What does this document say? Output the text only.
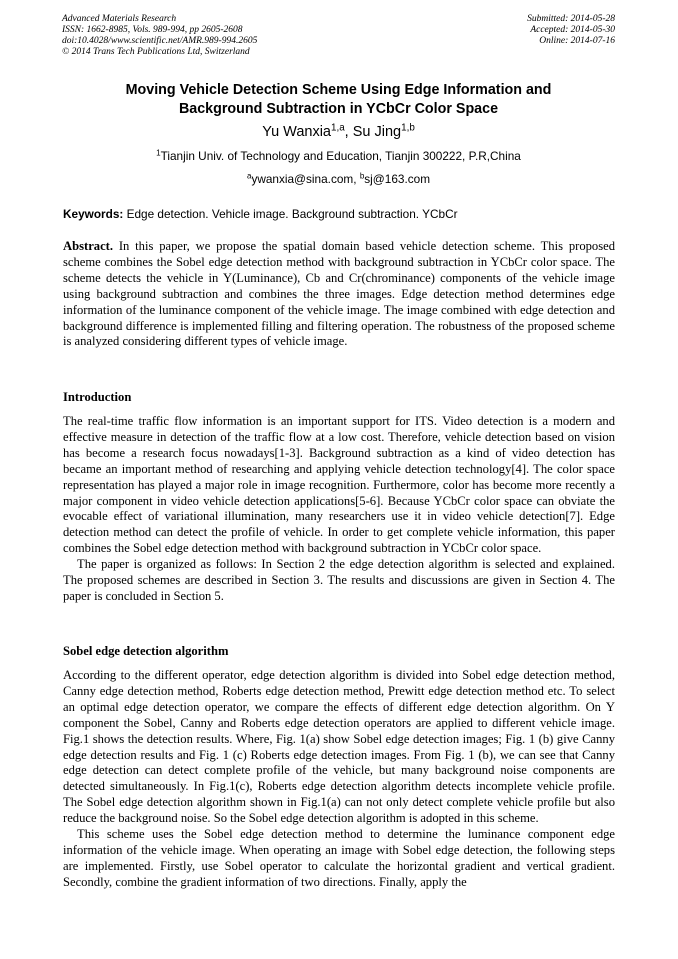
Advanced Materials Research
ISSN: 1662-8985, Vols. 989-994, pp 2605-2608
doi:10.4028/www.scientific.net/AMR.989-994.2605
© 2014 Trans Tech Publications Ltd, Switzerland
Submitted: 2014-05-28
Accepted: 2014-05-30
Online: 2014-07-16
Moving Vehicle Detection Scheme Using Edge Information and
Background Subtraction in YCbCr Color Space
Yu Wanxia$^{1,a}$, Su Jing$^{1,b}$
$^1$Tianjin Univ. of Technology and Education, Tianjin 300222, P.R,China
$^a$ywanxia@sina.com, $^b$sj@163.com
Keywords: Edge detection. Vehicle image. Background subtraction. YCbCr

Abstract. In this paper, we propose the spatial domain based vehicle detection scheme. This proposed scheme combines the Sobel edge detection method with background subtraction in YCbCr color space. The scheme detects the vehicle in Y(Luminance), Cb and Cr(chrominance) components of the vehicle image using background subtraction and combines the three images. Edge detection method determines edge information of the luminance component of the vehicle image. The image combined with edge detection and background difference is implemented filling and filtering operation. The robustness of the proposed scheme is analyzed considering different types of vehicle image.

Introduction

The real-time traffic flow information is an important support for ITS. Video detection is a modern and effective measure in detection of the traffic flow at a low cost. Therefore, vehicle detection based on vision has become a research focus nowadays[1-3]. Background subtraction as a kind of video detection has became an important method of researching and applying vehicle detection technology[4]. The color space representation has played a major role in image recognition. Furthermore, color has become more recently a major component in video vehicle detection applications[5-6]. Because YCbCr color space can obviate the evocable effect of variational illumination, many researchers use it in video vehicle detection[7]. Edge detection method can detect the profile of vehicle. In order to get complete vehicle information, this paper combines the Sobel edge detection method with background subtraction in YCbCr color space.

The paper is organized as follows: In Section 2 the edge detection algorithm is selected and explained. The proposed schemes are described in Section 3. The results and discussions are given in Section 4. The paper is concluded in Section 5.

Sobel edge detection algorithm

According to the different operator, edge detection algorithm is divided into Sobel edge detection method, Canny edge detection method, Roberts edge detection method, Prewitt edge detection method etc. To select an optimal edge detection operator, we compare the effects of different edge detection algorithm. On Y component the Sobel, Canny and Roberts edge detection operators are applied to different vehicle image. Fig.1 shows the detection results. Where, Fig. 1(a) show Sobel edge detection images; Fig. 1 (b) give Canny edge detection results and Fig. 1 (c) Roberts edge detection images. From Fig. 1 (b), we can see that Canny edge detection can detect complete profile of the vehicle, but many background noise components are detected simultaneously. In Fig.1(c), Roberts edge detection algorithm detects incomplete vehicle profile. The Sobel edge detection algorithm shown in Fig.1(a) can not only detect complete vehicle profile but also reduce the background noise. So the Sobel edge detection algorithm is adopted in this scheme.

This scheme uses the Sobel edge detection method to determine the luminance component edge information of the vehicle image. When operating an image with Sobel edge detection, the following steps are implemented. Firstly, use Sobel operator to calculate the horizontal gradient and vertical gradient. Secondly, combine the gradient information of two directions. Finally, apply the
